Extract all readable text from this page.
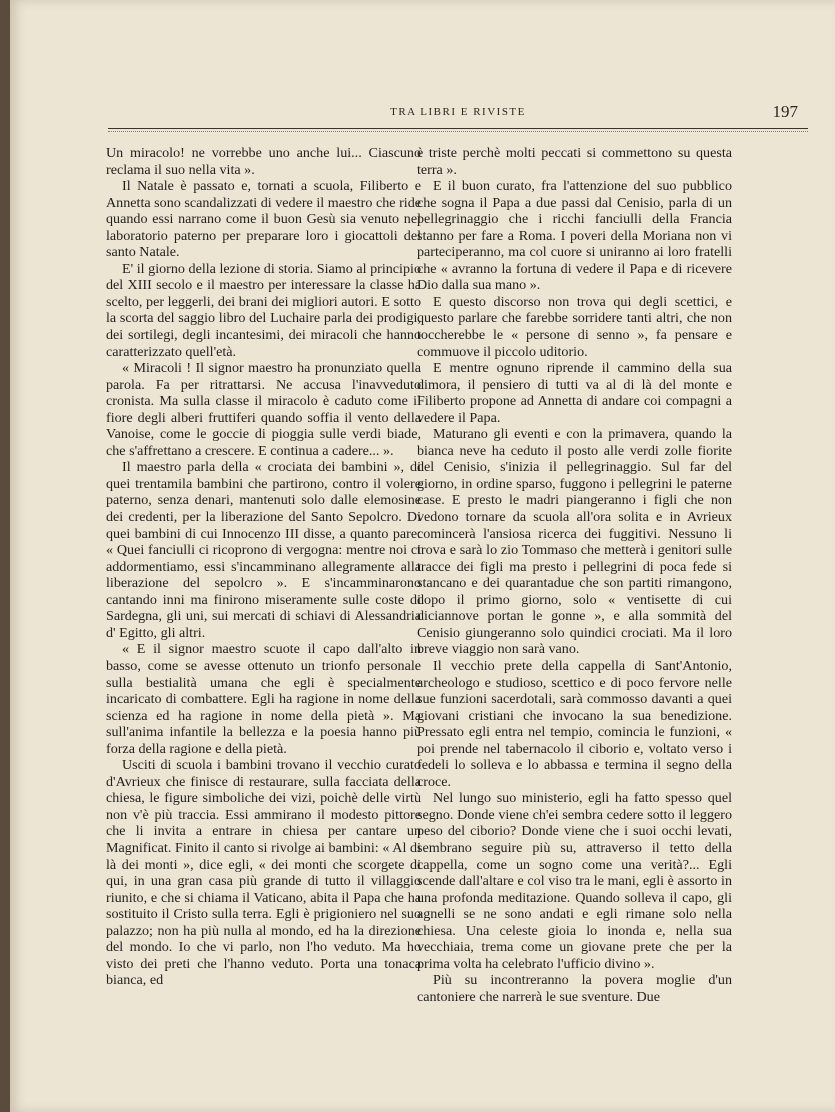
TRA LIBRI E RIVISTE	197

Un miracolo! ne vorrebbe uno anche lui... Ciascuno reclama il suo nella vita ».

Il Natale è passato e, tornati a scuola, Filiberto e Annetta sono scandalizzati di vedere il maestro che ride quando essi narrano come il buon Gesù sia venuto nel laboratorio paterno per preparare loro i giocattoli del santo Natale.

E' il giorno della lezione di storia. Siamo al principio del XIII secolo e il maestro per interessare la classe ha scelto, per leggerli, dei brani dei migliori autori. E sotto la scorta del saggio libro del Luchaire parla dei prodigi, dei sortilegi, degli incantesimi, dei miracoli che hanno caratterizzato quell'età.

« Miracoli ! Il signor maestro ha pronunziato quella parola. Fa per ritrattarsi. Ne accusa l'inavveduto cronista. Ma sulla classe il miracolo è caduto come il fiore degli alberi fruttiferi quando soffia il vento della Vanoise, come le goccie di pioggia sulle verdi biade, che s'affrettano a crescere. E continua a cadere... ».

Il maestro parla della « crociata dei bambini », di quei trentamila bambini che partirono, contro il volere paterno, senza denari, mantenuti solo dalle elemosine dei credenti, per la liberazione del Santo Sepolcro. Di quei bambini di cui Innocenzo III disse, a quanto pare: « Quei fanciulli ci ricoprono di vergogna: mentre noi ci addormentiamo, essi s'incamminano allegramente alla liberazione del sepolcro ». E s'incamminarono cantando inni ma finirono miseramente sulle coste di Sardegna, gli uni, sui mercati di schiavi di Alessandria d' Egitto, gli altri.

« E il signor maestro scuote il capo dall'alto in basso, come se avesse ottenuto un trionfo personale sulla bestialità umana che egli è specialmente incaricato di combattere. Egli ha ragione in nome della scienza ed ha ragione in nome della pietà ». Ma sull'anima infantile la bellezza e la poesia hanno più forza della ragione e della pietà.

Usciti di scuola i bambini trovano il vecchio curato d'Avrieux che finisce di restaurare, sulla facciata della chiesa, le figure simboliche dei vizi, poichè delle virtù non v'è più traccia. Essi ammirano il modesto pittore che li invita a entrare in chiesa per cantare un Magnificat. Finito il canto si rivolge ai bambini: « Al di là dei monti », dice egli, « dei monti che scorgete di qui, in una gran casa più grande di tutto il villaggio riunito, e che si chiama il Vaticano, abita il Papa che ha sostituito il Cristo sulla terra. Egli è prigioniero nel suo palazzo; non ha più nulla al mondo, ed ha la direzione del mondo. Io che vi parlo, non l'ho veduto. Ma ho visto dei preti che l'hanno veduto. Porta una tonaca bianca, ed

è triste perchè molti peccati si commettono su questa terra ».

E il buon curato, fra l'attenzione del suo pubblico che sogna il Papa a due passi dal Cenisio, parla di un pellegrinaggio che i ricchi fanciulli della Francia stanno per fare a Roma. I poveri della Moriana non vi parteciperanno, ma col cuore si uniranno ai loro fratelli che « avranno la fortuna di vedere il Papa e di ricevere Dio dalla sua mano ».

E questo discorso non trova qui degli scettici, e questo parlare che farebbe sorridere tanti altri, che non toccherebbe le « persone di senno », fa pensare e commuove il piccolo uditorio.

E mentre ognuno riprende il cammino della sua dimora, il pensiero di tutti va al di là del monte e Filiberto propone ad Annetta di andare coi compagni a vedere il Papa.

Maturano gli eventi e con la primavera, quando la bianca neve ha ceduto il posto alle verdi zolle fiorite del Cenisio, s'inizia il pellegrinaggio. Sul far del giorno, in ordine sparso, fuggono i pellegrini le paterne case. E presto le madri piangeranno i figli che non vedono tornare da scuola all'ora solita e in Avrieux comincerà l'ansiosa ricerca dei fuggitivi. Nessuno li trova e sarà lo zio Tommaso che metterà i genitori sulle tracce dei figli ma presto i pellegrini di poca fede si stancano e dei quarantadue che son partiti rimangono, dopo il primo giorno, solo « ventisette di cui diciannove portan le gonne », e alla sommità del Cenisio giungeranno solo quindici crociati. Ma il loro breve viaggio non sarà vano.

Il vecchio prete della cappella di Sant'Antonio, archeologo e studioso, scettico e di poco fervore nelle sue funzioni sacerdotali, sarà commosso davanti a quei giovani cristiani che invocano la sua benedizione. Pressato egli entra nel tempio, comincia le funzioni, « poi prende nel tabernacolo il ciborio e, voltato verso i fedeli lo solleva e lo abbassa e termina il segno della croce.

Nel lungo suo ministerio, egli ha fatto spesso quel segno. Donde viene ch'ei sembra cedere sotto il leggero peso del ciborio? Donde viene che i suoi occhi levati, sembrano seguire più su, attraverso il tetto della cappella, come un sogno come una verità?... Egli scende dall'altare e col viso tra le mani, egli è assorto in una profonda meditazione. Quando solleva il capo, gli agnelli se ne sono andati e egli rimane solo nella chiesa. Una celeste gioia lo inonda e, nella sua vecchiaia, trema come un giovane prete che per la prima volta ha celebrato l'ufficio divino ».

Più su incontreranno la povera moglie d'un cantoniere che narrerà le sue sventure. Due
